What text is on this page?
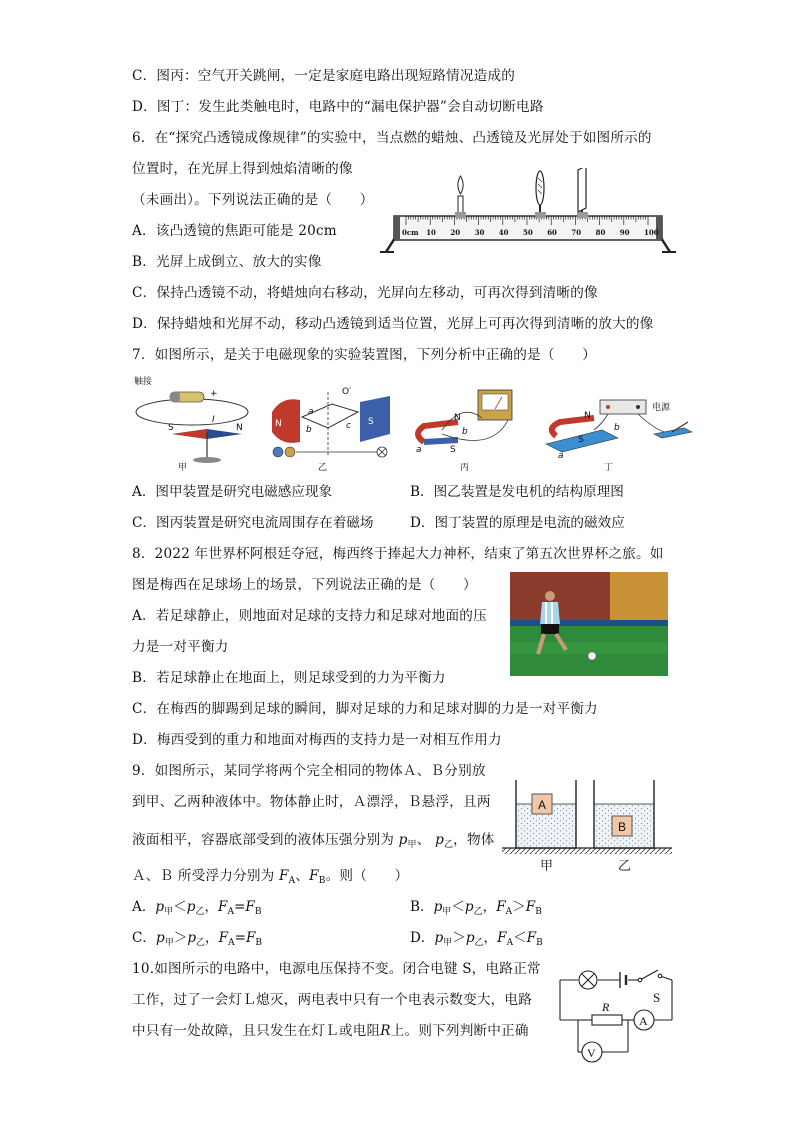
C．图丙：空气开关跳闸，一定是家庭电路出现短路情况造成的
D．图丁：发生此类触电时，电路中的“漏电保护器”会自动切断电路
6．在“探究凸透镜成像规律”的实验中，当点燃的蜡烛、凸透镜及光屏处于如图所示的
位置时，在光屏上得到烛焰清晰的像
（未画出）。下列说法正确的是（　　）
A．该凸透镜的焦距可能是 20cm
B．光屏上成倒立、放大的实像
C．保持凸透镜不动，将蜡烛向右移动，光屏向左移动，可再次得到清晰的像
D．保持蜡烛和光屏不动，移动凸透镜到适当位置，光屏上可再次得到清晰的放大的像
0cm 10 20 30 40 50 60 70 80 90 100
7．如图所示，是关于电磁现象的实验装置图，下列分析中正确的是（　　）
触接
+
I
S	N
甲
N	S
O′
a
b	c
乙
N
S
a
b
丙
电源
N
S
a
b
丁
A．图甲装置是研究电磁感应现象	B．图乙装置是发电机的结构原理图
C．图丙装置是研究电流周围存在着磁场	D．图丁装置的原理是电流的磁效应
8．2022 年世界杯阿根廷夺冠，梅西终于捧起大力神杯，结束了第五次世界杯之旅。如
图是梅西在足球场上的场景，下列说法正确的是（　　）
A．若足球静止，则地面对足球的支持力和足球对地面的压
力是一对平衡力
B．若足球静止在地面上，则足球受到的力为平衡力
C．在梅西的脚踢到足球的瞬间，脚对足球的力和足球对脚的力是一对平衡力
D．梅西受到的重力和地面对梅西的支持力是一对相互作用力
9．如图所示，某同学将两个完全相同的物体Ａ、Ｂ分别放
到甲、乙两种液体中。物体静止时，Ａ漂浮，Ｂ悬浮，且两
液面相平，容器底部受到的液体压强分别为 $p_甲$、 $p_乙$，物体
Ａ、Ｂ 所受浮力分别为 $F_A$、$F_B$。则（　　）
A．$p_甲<p_乙$，$F_A=F_B$	B．$p_甲<p_乙$，$F_A>F_B$
C．$p_甲>p_乙$，$F_A=F_B$	D．$p_甲>p_乙$，$F_A<F_B$
A
B
甲	乙
10.如图所示的电路中，电源电压保持不变。闭合电键 S，电路正常
工作，过了一会灯Ｌ熄灭，两电表中只有一个电表示数变大，电路
中只有一处故障，且只发生在灯Ｌ或电阻R上。则下列判断中正确
S
R
A
V
